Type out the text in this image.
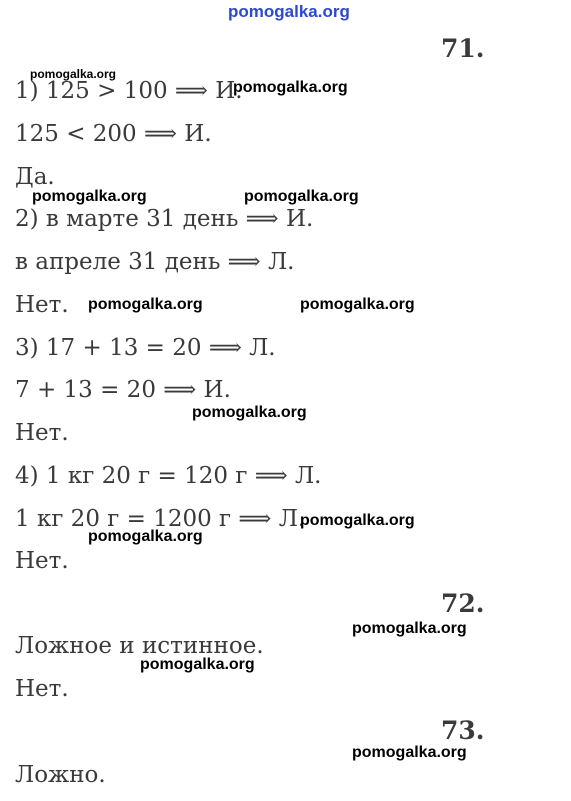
pomogalka.org
71.
1) 125 > 100 ⟹ И.
125 < 200 ⟹ И.
Да.
2) в марте 31 день ⟹ И.
в апреле 31 день ⟹ Л.
Нет.
3) 17 + 13 = 20 ⟹ Л.
7 + 13 = 20 ⟹ И.
Нет.
4) 1 кг 20 г = 120 г ⟹ Л.
1 кг 20 г = 1200 г ⟹ Л.
Нет.
72.
Ложное и истинное.
Нет.
73.
Ложно.
pomogalka.org
pomogalka.org
pomogalka.org	pomogalka.org
pomogalka.org	pomogalka.org
pomogalka.org
pomogalka.org
pomogalka.org
pomogalka.org
pomogalka.org
pomogalka.org
